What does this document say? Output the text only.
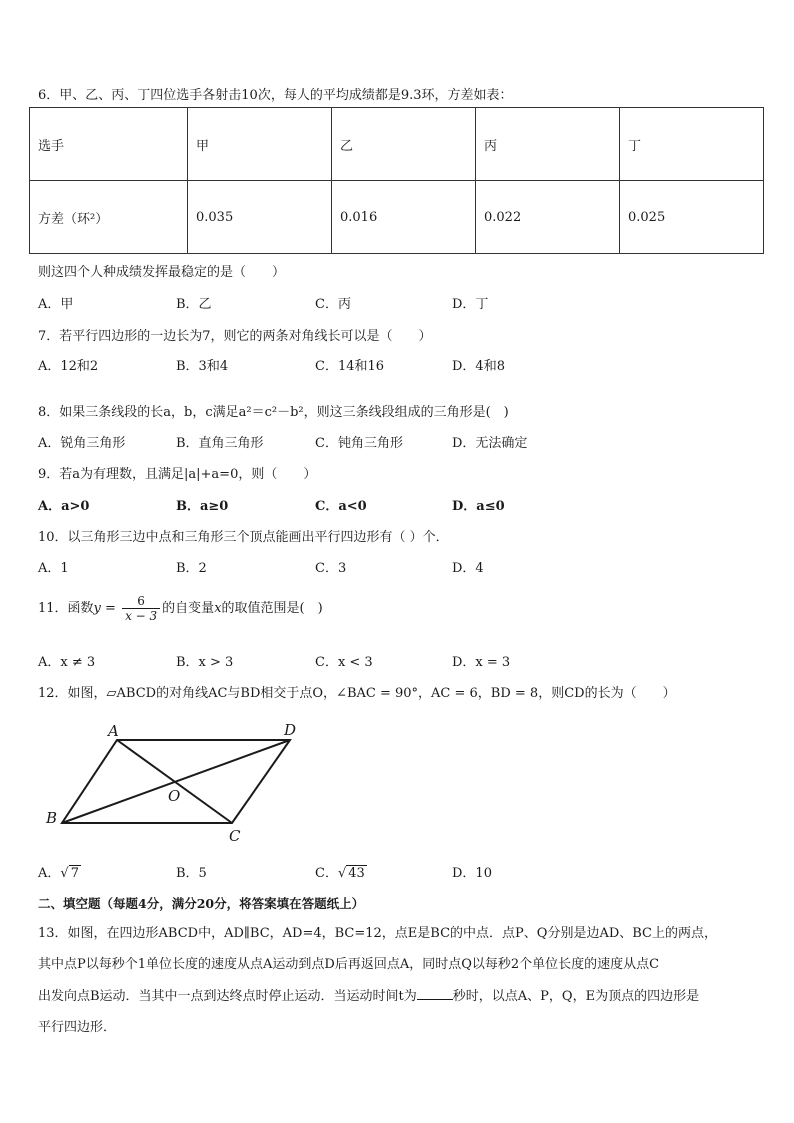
6．甲、乙、丙、丁四位选手各射击10次，每人的平均成绩都是9.3环，方差如表：
选手	甲	乙	丙	丁
方差（环²）	0.035	0.016	0.022	0.025
则这四个人种成绩发挥最稳定的是（　　）
A．甲	B．乙	C．丙	D．丁
7．若平行四边形的一边长为7，则它的两条对角线长可以是（　　）
A．12和2	B．3和4	C．14和16	D．4和8
8．如果三条线段的长a，b，c满足a²＝c²－b²，则这三条线段组成的三角形是(　)
A．锐角三角形	B．直角三角形	C．钝角三角形	D．无法确定
9．若a为有理数，且满足|a|+a=0，则（　　）
A．a>0	B．a≥0	C．a<0	D．a≤0
10．以三角形三边中点和三角形三个顶点能画出平行四边形有（ ）个．
A．1	B．2	C．3	D．4
11．函数$y = \frac{6}{x - 3}$ 的自变量x的取值范围是(　)
A．x ≠ 3	B．x > 3	C．x < 3	D．x = 3
12．如图，▱ABCD的对角线AC与BD相交于点O，∠BAC = 90°，AC = 6，BD = 8，则CD的长为（　　）
A	D
B
C
O
A．√ 7	B．5	C．√ 43	D．10
二、填空题（每题4分，满分20分，将答案填在答题纸上）
13．如图，在四边形ABCD中，AD∥BC，AD=4，BC=12，点E是BC的中点．点P、Q分别是边AD、BC上的两点，
其中点P以每秒个1单位长度的速度从点A运动到点D后再返回点A，同时点Q以每秒2个单位长度的速度从点C
出发向点B运动．当其中一点到达终点时停止运动．当运动时间t为	秒时，以点A、P，Q，E为顶点的四边形是
平行四边形．
